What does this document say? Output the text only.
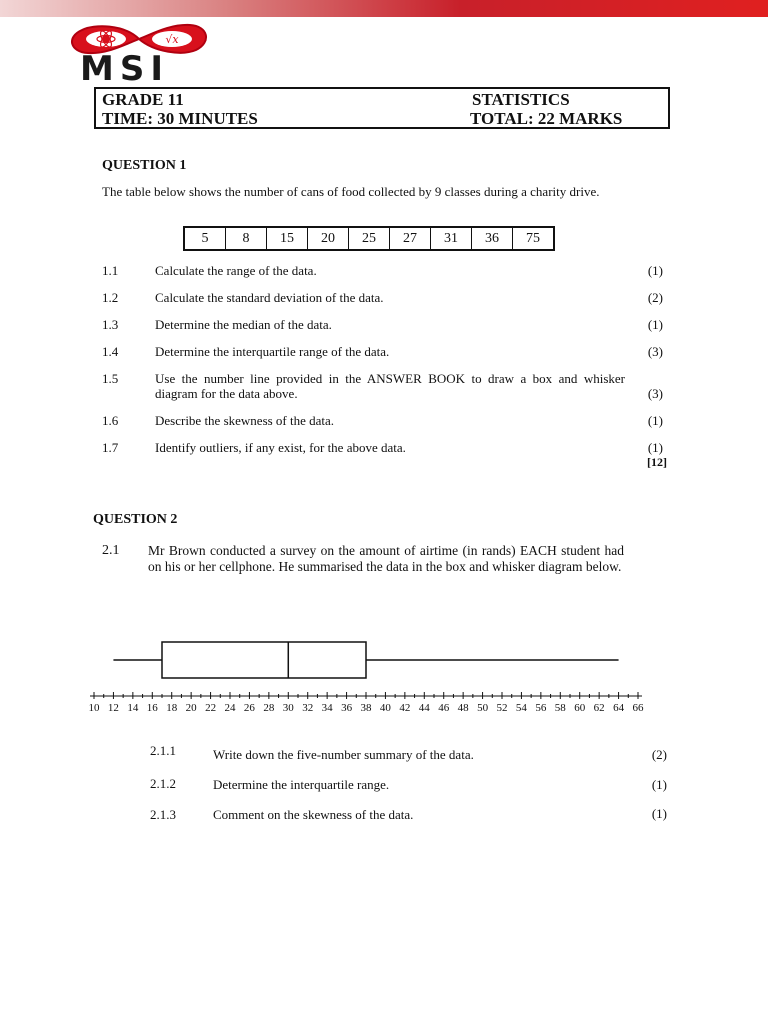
√x
MSI
GRADE 11	STATISTICS
TIME: 30 MINUTES	TOTAL: 22 MARKS
QUESTION 1
The table below shows the number of cans of food collected by 9 classes during a charity drive.
5	8	15	20	25	27	31	36	75
1.1	Calculate the range of the data.	(1)
1.2	Calculate the standard deviation of the data.	(2)
1.3	Determine the median of the data.	(1)
1.4	Determine the interquartile range of the data.	(3)
1.5	Use the number line provided in the ANSWER BOOK to draw a box and whisker diagram for the data above.	(3)
1.6	Describe the skewness of the data.	(1)
1.7	Identify outliers, if any exist, for the above data.	(1)
[12]
QUESTION 2
2.1 Mr Brown conducted a survey on the amount of airtime (in rands) EACH student had on his or her cellphone. He summarised the data in the box and whisker diagram below.
10 12 14 16 18 20 22 24 26 28 30 32 34 36 38 40 42 44 46 48 50 52 54 56 58 60 62 64 66
2.1.1	Write down the five-number summary of the data.	(2)
2.1.2	Determine the interquartile range.	(1)
2.1.3	Comment on the skewness of the data.	(1)
